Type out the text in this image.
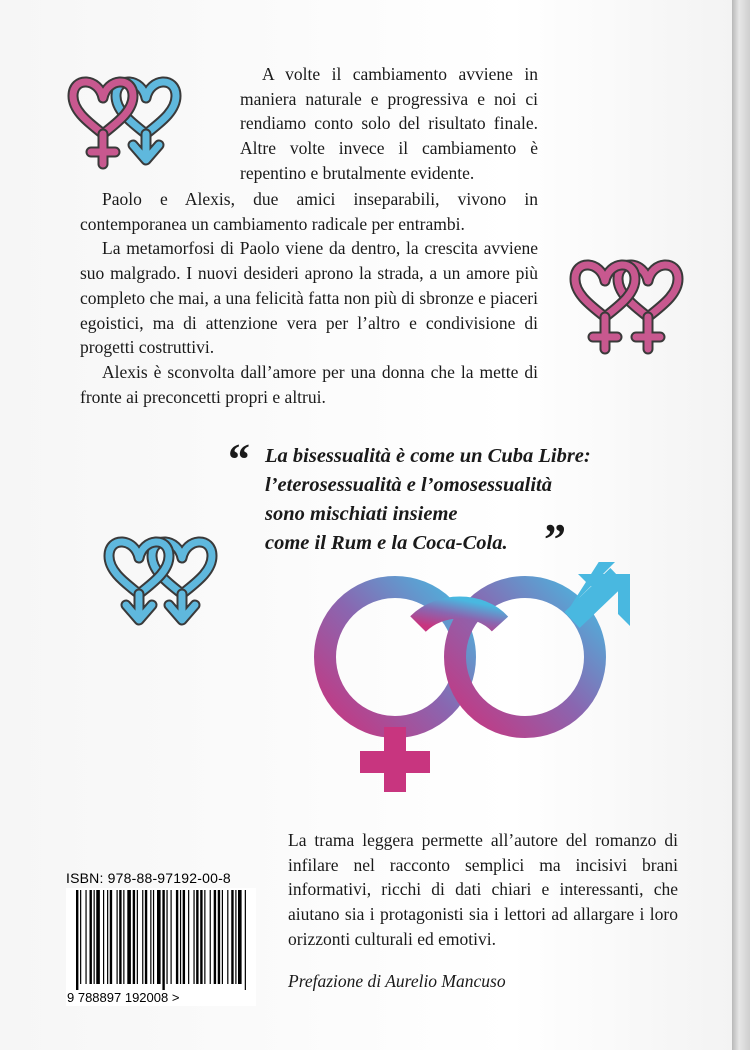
A volte il cambiamento avviene in maniera naturale e progressiva e noi ci rendiamo conto solo del risultato finale. Altre volte invece il cambiamento è repentino e brutalmente evidente.

Paolo e Alexis, due amici inseparabili, vivono in contemporanea un cambiamento radicale per entrambi.

La metamorfosi di Paolo viene da dentro, la crescita avviene suo malgrado. I nuovi desideri aprono la strada, a un amore più completo che mai, a una felicità fatta non più di sbronze e piaceri egoistici, ma di attenzione vera per l’altro e condivisione di progetti costruttivi.

Alexis è sconvolta dall’amore per una donna che la mette di fronte ai preconcetti propri e altrui.

“ La bisessualità è come un Cuba Libre:
l’eterosessualità e l’omosessualità
sono mischiati insieme
come il Rum e la Coca-Cola. ”

La trama leggera permette all’autore del romanzo di infilare nel racconto semplici ma incisivi brani informativi, ricchi di dati chiari e interessanti, che aiutano sia i protagonisti sia i lettori ad allargare i loro orizzonti culturali ed emotivi.

Prefazione di Aurelio Mancuso
ISBN: 978-88-97192-00-8
9 788897 192008 >
